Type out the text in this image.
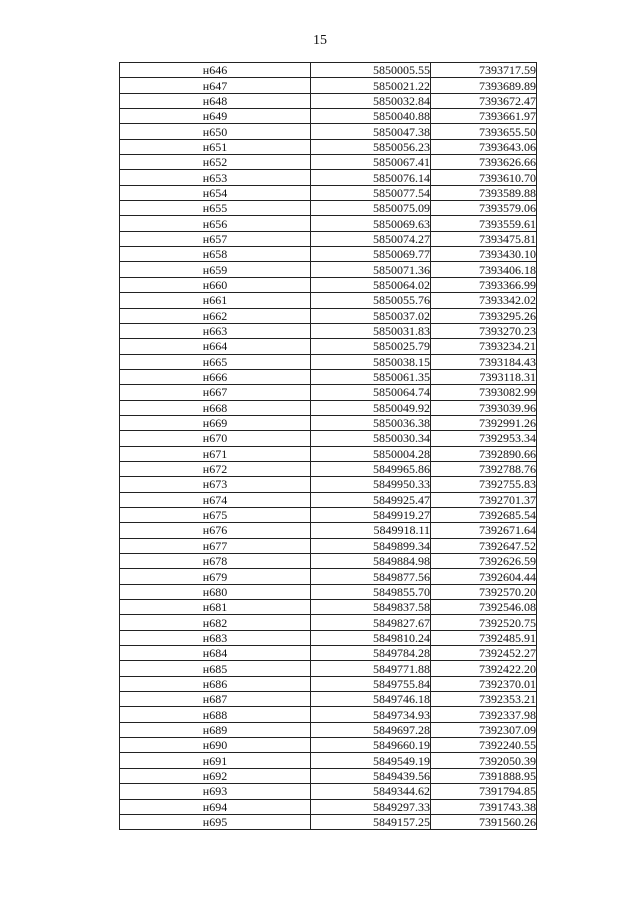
15
н646	5850005.55	7393717.59
н647	5850021.22	7393689.89
н648	5850032.84	7393672.47
н649	5850040.88	7393661.97
н650	5850047.38	7393655.50
н651	5850056.23	7393643.06
н652	5850067.41	7393626.66
н653	5850076.14	7393610.70
н654	5850077.54	7393589.88
н655	5850075.09	7393579.06
н656	5850069.63	7393559.61
н657	5850074.27	7393475.81
н658	5850069.77	7393430.10
н659	5850071.36	7393406.18
н660	5850064.02	7393366.99
н661	5850055.76	7393342.02
н662	5850037.02	7393295.26
н663	5850031.83	7393270.23
н664	5850025.79	7393234.21
н665	5850038.15	7393184.43
н666	5850061.35	7393118.31
н667	5850064.74	7393082.99
н668	5850049.92	7393039.96
н669	5850036.38	7392991.26
н670	5850030.34	7392953.34
н671	5850004.28	7392890.66
н672	5849965.86	7392788.76
н673	5849950.33	7392755.83
н674	5849925.47	7392701.37
н675	5849919.27	7392685.54
н676	5849918.11	7392671.64
н677	5849899.34	7392647.52
н678	5849884.98	7392626.59
н679	5849877.56	7392604.44
н680	5849855.70	7392570.20
н681	5849837.58	7392546.08
н682	5849827.67	7392520.75
н683	5849810.24	7392485.91
н684	5849784.28	7392452.27
н685	5849771.88	7392422.20
н686	5849755.84	7392370.01
н687	5849746.18	7392353.21
н688	5849734.93	7392337.98
н689	5849697.28	7392307.09
н690	5849660.19	7392240.55
н691	5849549.19	7392050.39
н692	5849439.56	7391888.95
н693	5849344.62	7391794.85
н694	5849297.33	7391743.38
н695	5849157.25	7391560.26
